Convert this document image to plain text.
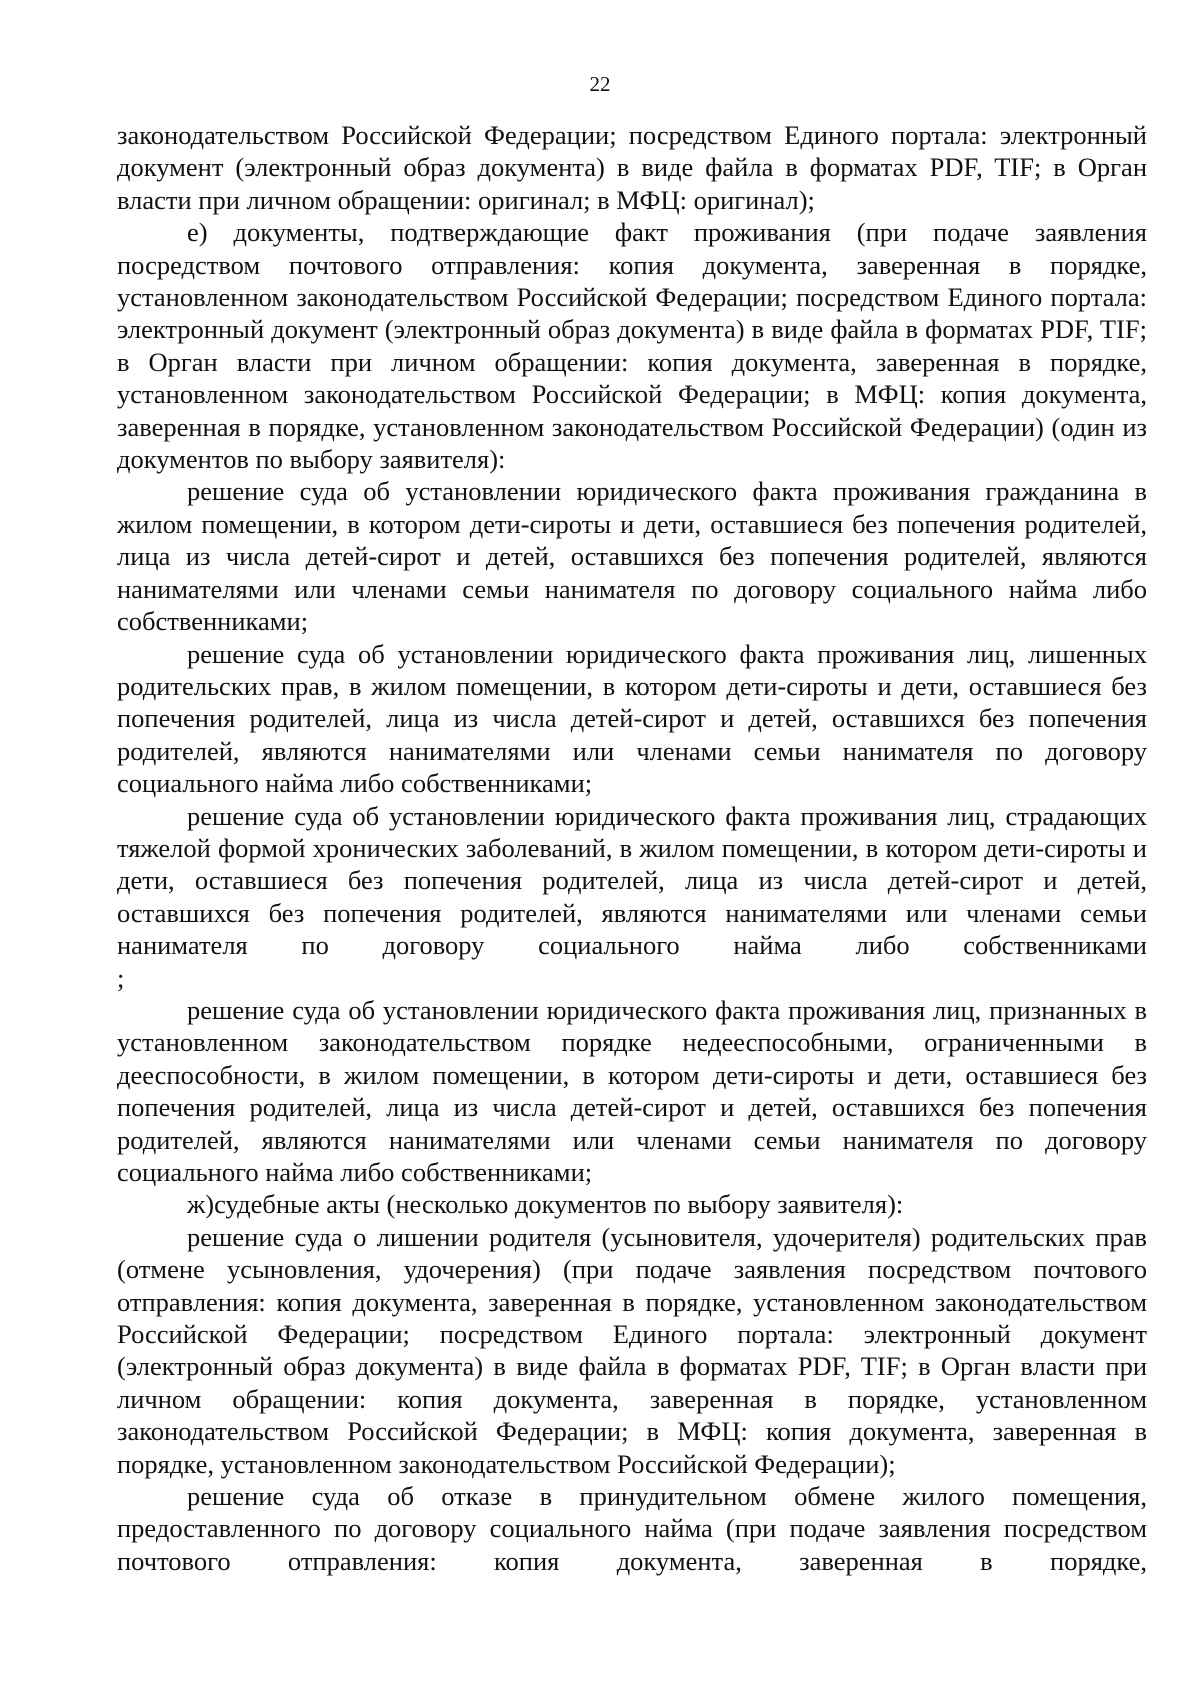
22

законодательством Российской Федерации; посредством Единого портала: электронный документ (электронный образ документа) в виде файла в форматах PDF, TIF; в Орган власти при личном обращении: оригинал; в МФЦ: оригинал);

е) документы, подтверждающие факт проживания (при подаче заявления посредством почтового отправления: копия документа, заверенная в порядке, установленном законодательством Российской Федерации; посредством Единого портала: электронный документ (электронный образ документа) в виде файла в форматах PDF, TIF; в Орган власти при личном обращении: копия документа, заверенная в порядке, установленном законодательством Российской Федерации; в МФЦ: копия документа, заверенная в порядке, установленном законодательством Российской Федерации) (один из документов по выбору заявителя):

решение суда об установлении юридического факта проживания гражданина в жилом помещении, в котором дети-сироты и дети, оставшиеся без попечения родителей, лица из числа детей-сирот и детей, оставшихся без попечения родителей, являются нанимателями или членами семьи нанимателя по договору социального найма либо собственниками;

решение суда об установлении юридического факта проживания лиц, лишенных родительских прав, в жилом помещении, в котором дети-сироты и дети, оставшиеся без попечения родителей, лица из числа детей-сирот и детей, оставшихся без попечения родителей, являются нанимателями или членами семьи нанимателя по договору социального найма либо собственниками;

решение суда об установлении юридического факта проживания лиц, страдающих тяжелой формой хронических заболеваний, в жилом помещении, в котором дети-сироты и дети, оставшиеся без попечения родителей, лица из числа детей-сирот и детей, оставшихся без попечения родителей, являются нанимателями или членами семьи нанимателя по договору социального найма либо собственниками

;

решение суда об установлении юридического факта проживания лиц, признанных в установленном законодательством порядке недееспособными, ограниченными в дееспособности, в жилом помещении, в котором дети-сироты и дети, оставшиеся без попечения родителей, лица из числа детей-сирот и детей, оставшихся без попечения родителей, являются нанимателями или членами семьи нанимателя по договору социального найма либо собственниками;

ж)судебные акты (несколько документов по выбору заявителя):

решение суда о лишении родителя (усыновителя, удочерителя) родительских прав (отмене усыновления, удочерения) (при подаче заявления посредством почтового отправления: копия документа, заверенная в порядке, установленном законодательством Российской Федерации; посредством Единого портала: электронный документ (электронный образ документа) в виде файла в форматах PDF, TIF; в Орган власти при личном обращении: копия документа, заверенная в порядке, установленном законодательством Российской Федерации; в МФЦ: копия документа, заверенная в порядке, установленном законодательством Российской Федерации);

решение суда об отказе в принудительном обмене жилого помещения, предоставленного по договору социального найма (при подаче заявления посредством почтового отправления: копия документа, заверенная в порядке,
